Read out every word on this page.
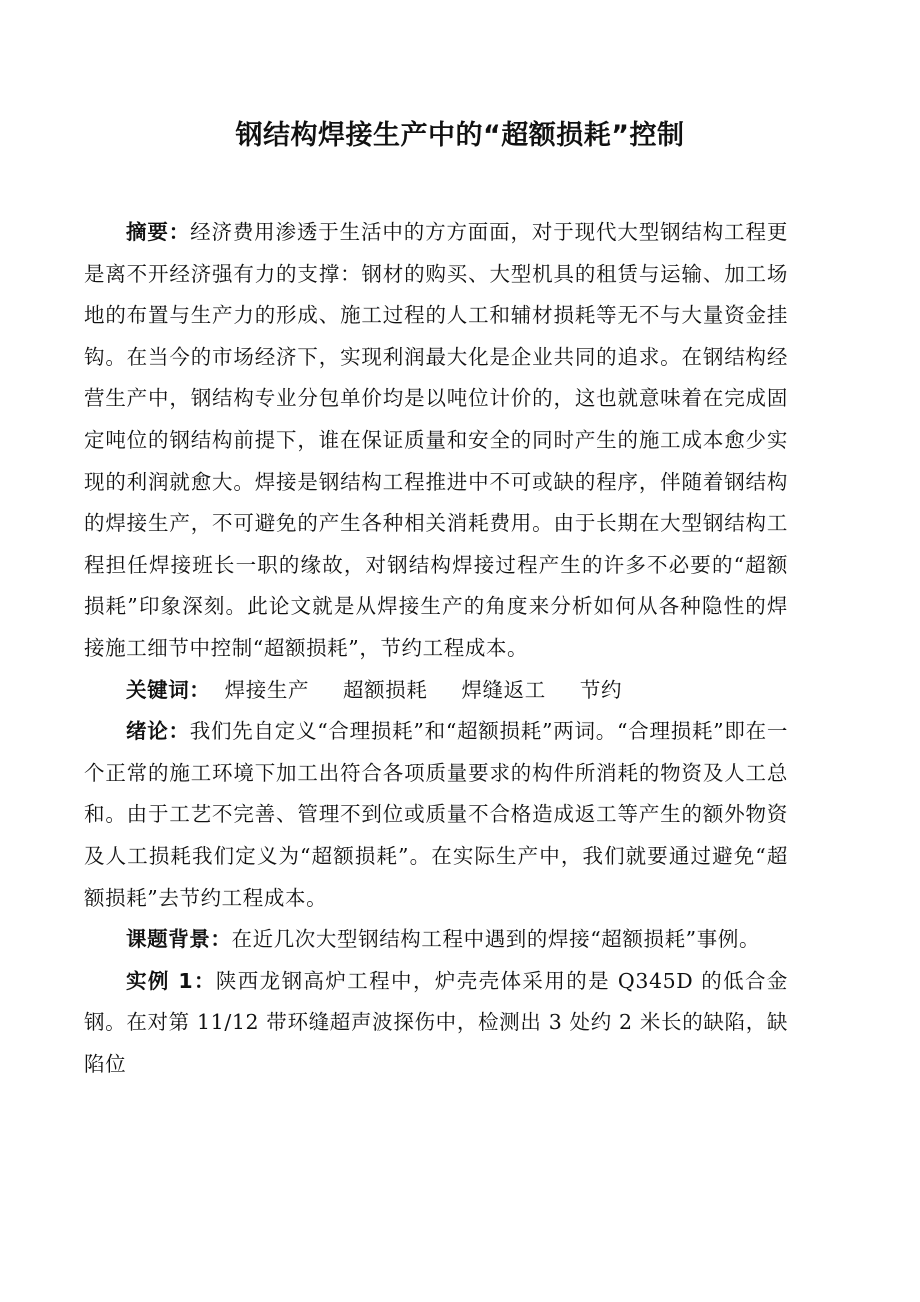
钢结构焊接生产中的“超额损耗”控制

摘要：经济费用渗透于生活中的方方面面，对于现代大型钢结构工程更是离不开经济强有力的支撑：钢材的购买、大型机具的租赁与运输、加工场地的布置与生产力的形成、施工过程的人工和辅材损耗等无不与大量资金挂钩。在当今的市场经济下，实现利润最大化是企业共同的追求。在钢结构经营生产中，钢结构专业分包单价均是以吨位计价的，这也就意味着在完成固定吨位的钢结构前提下，谁在保证质量和安全的同时产生的施工成本愈少实现的利润就愈大。焊接是钢结构工程推进中不可或缺的程序，伴随着钢结构的焊接生产，不可避免的产生各种相关消耗费用。由于长期在大型钢结构工程担任焊接班长一职的缘故，对钢结构焊接过程产生的许多不必要的“超额损耗”印象深刻。此论文就是从焊接生产的角度来分析如何从各种隐性的焊接施工细节中控制“超额损耗”，节约工程成本。

关键词： 焊接生产 超额损耗 焊缝返工 节约

绪论：我们先自定义“合理损耗”和“超额损耗”两词。“合理损耗”即在一个正常的施工环境下加工出符合各项质量要求的构件所消耗的物资及人工总和。由于工艺不完善、管理不到位或质量不合格造成返工等产生的额外物资及人工损耗我们定义为“超额损耗”。在实际生产中，我们就要通过避免“超额损耗”去节约工程成本。

课题背景：在近几次大型钢结构工程中遇到的焊接“超额损耗”事例。

实例 1：陕西龙钢高炉工程中，炉壳壳体采用的是 Q345D 的低合金钢。在对第 11/12 带环缝超声波探伤中，检测出 3 处约 2 米长的缺陷，缺陷位
